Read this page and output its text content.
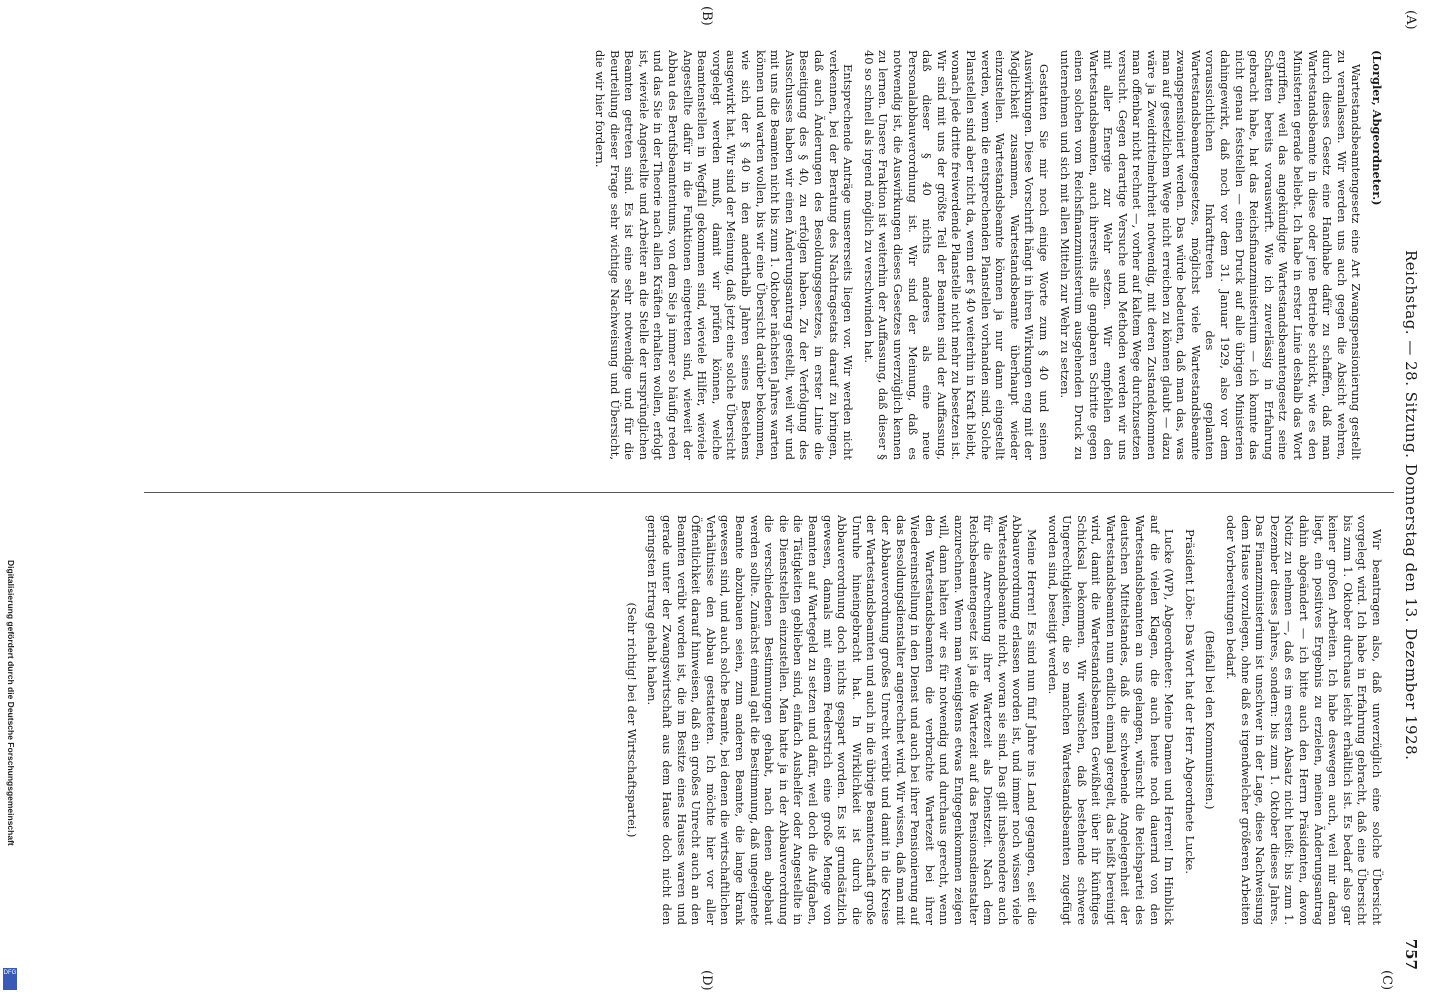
(A)
Reichstag. — 28. Sitzung. Donnerstag den 13. Dezember 1928.
757
(B)
(C)
(D)

(Lorgler, Abgeordneter.)

Wartestandsbeamtengesetz eine Art Zwangspensionierung gestellt zu veranlassen. Wir werden uns auch gegen die Absicht wehren, durch dieses Gesetz eine Handhabe dafür zu schaffen, daß man Wartestandsbeamte in diese oder jene Betriebe schickt, wie es den Ministerien gerade beliebt. Ich habe in erster Linie deshalb das Wort ergriffen, weil das angekündigte Wartestandsbeamtengesetz seine Schatten bereits vorauswirft. Wie ich zuverlässig in Erfahrung gebracht habe, hat das Reichsfinanzministerium — ich konnte das nicht genau feststellen — einen Druck auf alle übrigen Ministerien dahingewirkt, daß noch vor dem 31. Januar 1929, also vor dem voraussichtlichen Inkrafttreten des geplanten Wartestandsbeamtengesetzes, möglichst viele Wartestandsbeamte zwangspensioniert werden. Das würde bedeuten, daß man das, was man auf gesetzlichem Wege nicht erreichen zu können glaubt — dazu wäre ja Zweidrittelmehrheit notwendig, mit deren Zustandekommen man offenbar nicht rechnet —, vorher auf kaltem Wege durchzusetzen versucht. Gegen derartige Versuche und Methoden werden wir uns mit aller Energie zur Wehr setzen. Wir empfehlen den Wartestandsbeamten, auch ihrerseits alle gangbaren Schritte gegen einen solchen vom Reichsfinanzministerium ausgehenden Druck zu unternehmen und sich mit allen Mitteln zur Wehr zu setzen.

Gestatten Sie mir noch einige Worte zum § 40 und seinen Auswirkungen. Diese Vorschrift hängt in ihren Wirkungen eng mit der Möglichkeit zusammen, Wartestandsbeamte überhaupt wieder einzustellen. Wartestandsbeamte können ja nur dann eingestellt werden, wenn die entsprechenden Planstellen vorhanden sind. Solche Planstellen sind aber nicht da, wenn der § 40 weiterhin in Kraft bleibt, wonach jede dritte freiwerdende Planstelle nicht mehr zu besetzen ist. Wir sind mit uns der größte Teil der Beamten sind der Auffassung, daß dieser § 40 nichts anderes als eine neue Personalabbauverordnung ist. Wir sind der Meinung, daß es notwendig ist, die Auswirkungen dieses Gesetzes unverzüglich kennen zu lernen. Unsere Fraktion ist weiterhin der Auffassung, daß dieser § 40 so schnell als irgend möglich zu verschwinden hat.

Entsprechende Anträge unsererseits liegen vor. Wir werden nicht verkennen, bei der Beratung des Nachtragsetats darauf zu bringen, daß auch Änderungen des Besoldungsgesetzes, in erster Linie die Beseitigung des § 40, zu erfolgen haben. Zu der Verfolgung des Ausschusses haben wir einen Änderungsantrag gestellt, weil wir und mit uns die Beamten nicht bis zum 1. Oktober nächsten Jahres warten können und warten wollen, bis wir eine Übersicht darüber bekommen, wie sich der § 40 in den anderthalb Jahren seines Bestehens ausgewirkt hat. Wir sind der Meinung, daß jetzt eine solche Übersicht vorgelegt werden muß, damit wir prüfen können, welche Beamtenstellen in Wegfall gekommen sind, wieviele Hilfer, wieviele Angestellte dafür in die Funktionen eingetreten sind, wieweit der Abbau des Berufsbeamtentums, von dem Sie ja immer so häufig reden und das Sie in der Theorie nach allen Kräften erhalten wollen, erfolgt ist, wieviele Angestellte und Arbeiter an die Stelle der ursprünglichen Beamten getreten sind. Es ist eine sehr notwendige und für die Beurteilung dieser Frage sehr wichtige Nachweisung und Übersicht, die wir hier fordern.

Wir beantragen also, daß unverzüglich eine solche Übersicht vorgelegt wird. Ich habe in Erfahrung gebracht, daß eine Übersicht bis zum 1. Oktober durchaus leicht erhältlich ist. Es bedarf also gar keiner großen Arbeiten. Ich habe deswegen auch, weil mir daran liegt, ein positives Ergebnis zu erzielen, meinen Änderungsantrag dahin abgeändert — ich bitte auch den Herrn Präsidenten, davon Notiz zu nehmen —, daß es im ersten Absatz nicht heißt: bis zum 1. Dezember dieses Jahres, sondern: bis zum 1. Oktober dieses Jahres. Das Finanzministerium ist unschwer in der Lage, diese Nachweisung dem Hause vorzulegen, ohne daß es irgendwelcher größeren Arbeiten oder Vorbereitungen bedarf.

(Beifall bei den Kommunisten.)

Präsident Löbe: Das Wort hat der Herr Abgeordnete Lucke.

Lucke (WP), Abgeordneter: Meine Damen und Herren! Im Hinblick auf die vielen Klagen, die auch heute noch dauernd von den Wartestandsbeamten an uns gelangen, wünscht die Reichspartei des deutschen Mittelstandes, daß die schwebende Angelegenheit der Wartestandsbeamten nun endlich einmal geregelt, das heißt bereinigt wird, damit die Wartestandsbeamten Gewißheit über ihr künftiges Schicksal bekommen. Wir wünschen, daß bestehende schwere Ungerechtigkeiten, die so manchen Wartestandsbeamten zugefügt worden sind, beseitigt werden.

Meine Herren! Es sind nun fünf Jahre ins Land gegangen, seit die Abbauverordnung erlassen worden ist, und immer noch wissen viele Wartestandsbeamte nicht, woran sie sind. Das gilt insbesondere auch für die Anrechnung ihrer Wartezeit als Dienstzeit. Nach dem Reichsbeamtengesetz ist ja die Wartezeit auf das Pensionsdienstalter anzurechnen. Wenn man wenigstens etwas Entgegenkommen zeigen will, dann halten wir es für notwendig und durchaus gerecht, wenn den Wartestandsbeamten die verbrachte Wartezeit bei ihrer Wiedereinstellung in den Dienst und auch bei ihrer Pensionierung auf das Besoldungsdienstalter angerechnet wird. Wir wissen, daß man mit der Abbauverordnung großes Unrecht verübt und damit in die Kreise der Wartestandsbeamten und auch in die übrige Beamtenschaft große Unruhe hineingebracht hat. In Wirklichkeit ist durch die Abbauverordnung doch nichts gespart worden. Es ist grundsätzlich gewesen, damals mit einem Federstrich eine große Menge von Beamten auf Wartegeld zu setzen und dafür, weil doch die Aufgaben, die Tätigkeiten geblieben sind, einfach Aushelfer oder Angestellte in die Dienststellen einzustellen. Man hatte ja in der Abbauverordnung die verschiedenen Bestimmungen gehabt, nach denen abgebaut werden sollte. Zunächst einmal galt die Bestimmung, daß ungeeignete Beamte abzubauen seien, zum anderen Beamte, die lange krank gewesen sind, und auch solche Beamte, bei denen die wirtschaftlichen Verhältnisse den Abbau gestatteten. Ich möchte hier vor aller Öffentlichkeit darauf hinweisen, daß ein großes Unrecht auch an den Beamten verübt worden ist, die im Besitze eines Hauses waren und gerade unter der Zwangswirtschaft aus dem Hause doch nicht den geringsten Ertrag gehabt haben.

(Sehr richtig! bei der Wirtschaftspartei.)

Digitalisierung gefördert durch die Deutsche Forschungsgemeinschaft
DFG
